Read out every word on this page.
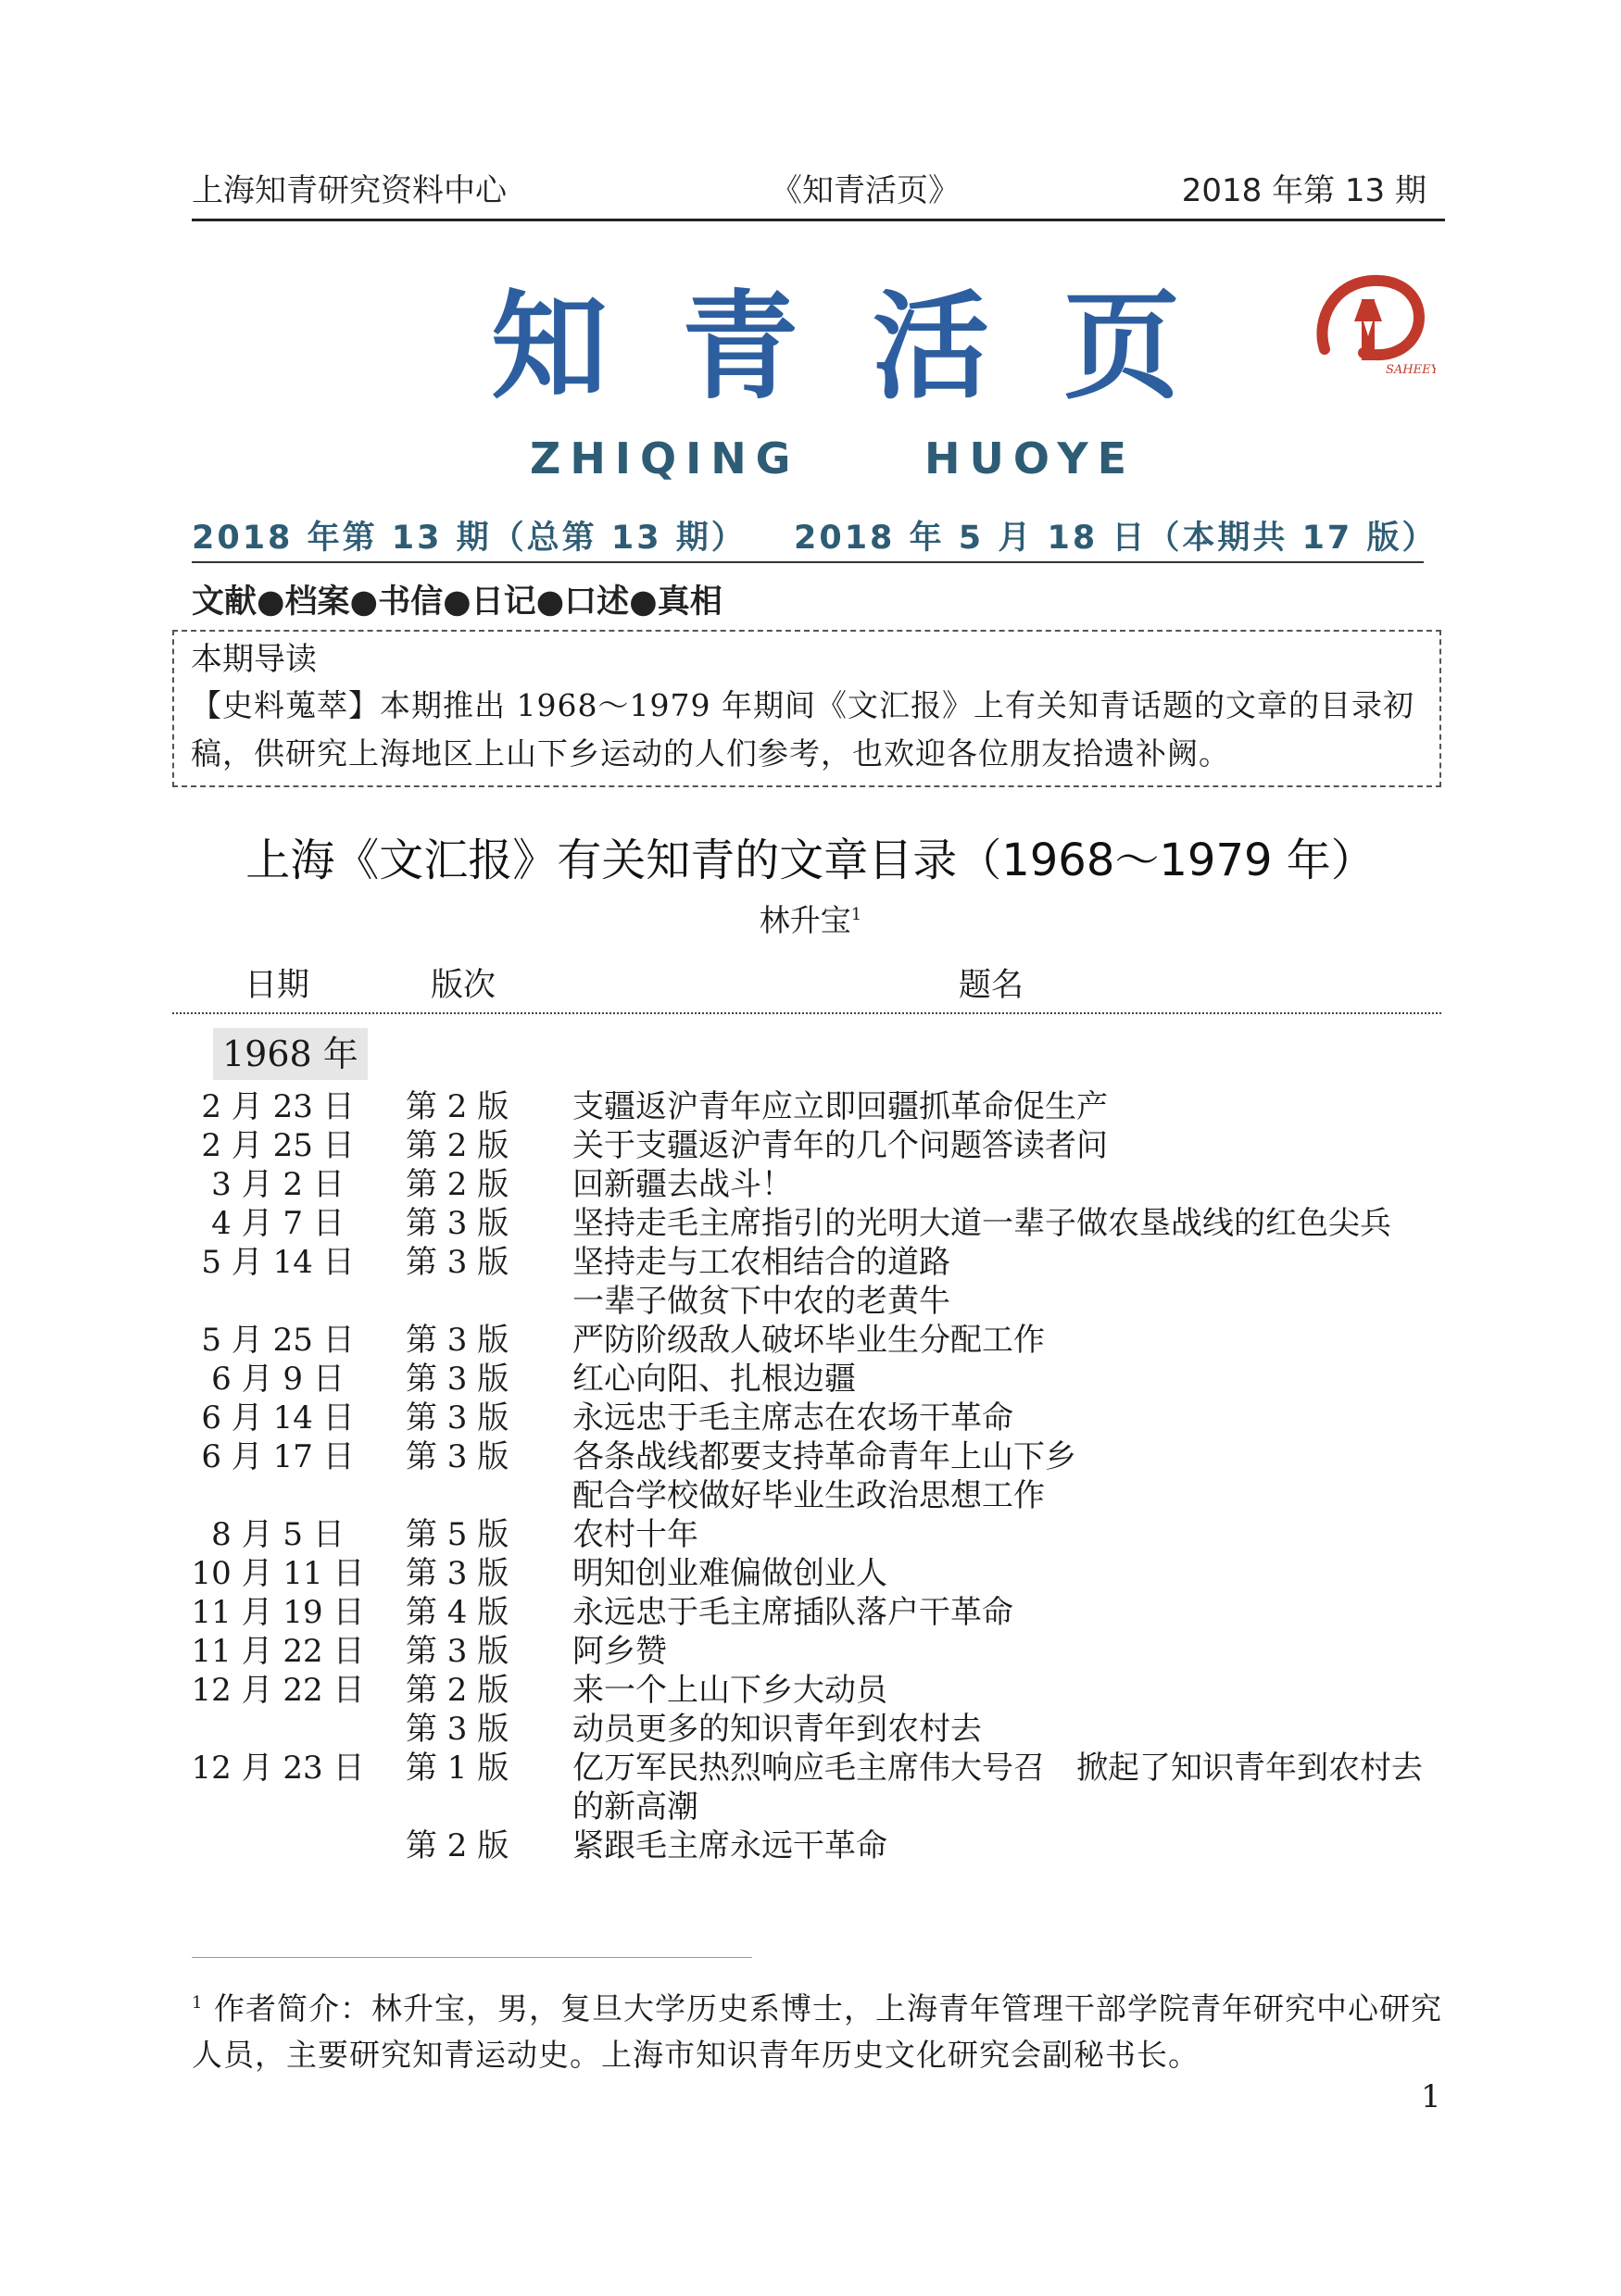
上海知青研究资料中心	《知青活页》	2018 年第 13 期
知青活页	SAHEEY
ZHIQING	HUOYE
2018 年第 13 期（总第 13 期） 2018 年 5 月 18 日（本期共 17 版）
文献●档案●书信●日记●口述●真相
本期导读
【史料蒐萃】本期推出 1968～1979 年期间《文汇报》上有关知青话题的文章的目录初稿，供研究上海地区上山下乡运动的人们参考，也欢迎各位朋友拾遗补阙。
上海《文汇报》有关知青的文章目录（1968～1979 年）
林升宝$^1$
日期	版次	题名
1968 年
2 月 23 日	第 2 版 支疆返沪青年应立即回疆抓革命促生产
2 月 25 日	第 2 版 关于支疆返沪青年的几个问题答读者问
3 月 2 日	第 2 版 回新疆去战斗！
4 月 7 日	第 3 版 坚持走毛主席指引的光明大道一辈子做农垦战线的红色尖兵
5 月 14 日	第 3 版 坚持走与工农相结合的道路
一辈子做贫下中农的老黄牛
5 月 25 日	第 3 版 严防阶级敌人破坏毕业生分配工作
6 月 9 日	第 3 版 红心向阳、扎根边疆
6 月 14 日	第 3 版 永远忠于毛主席志在农场干革命
6 月 17 日	第 3 版 各条战线都要支持革命青年上山下乡
配合学校做好毕业生政治思想工作
8 月 5 日	第 5 版 农村十年
10 月 11 日 第 3 版 明知创业难偏做创业人
11 月 19 日 第 4 版 永远忠于毛主席插队落户干革命
11 月 22 日 第 3 版 阿乡赞
12 月 22 日 第 2 版 来一个上山下乡大动员
第 3 版 动员更多的知识青年到农村去
12 月 23 日 第 1 版 亿万军民热烈响应毛主席伟大号召　掀起了知识青年到农村去的新高潮
第 2 版 紧跟毛主席永远干革命
$^1$ 作者简介：林升宝，男，复旦大学历史系博士，上海青年管理干部学院青年研究中心研究人员，主要研究知青运动史。上海市知识青年历史文化研究会副秘书长。
1
